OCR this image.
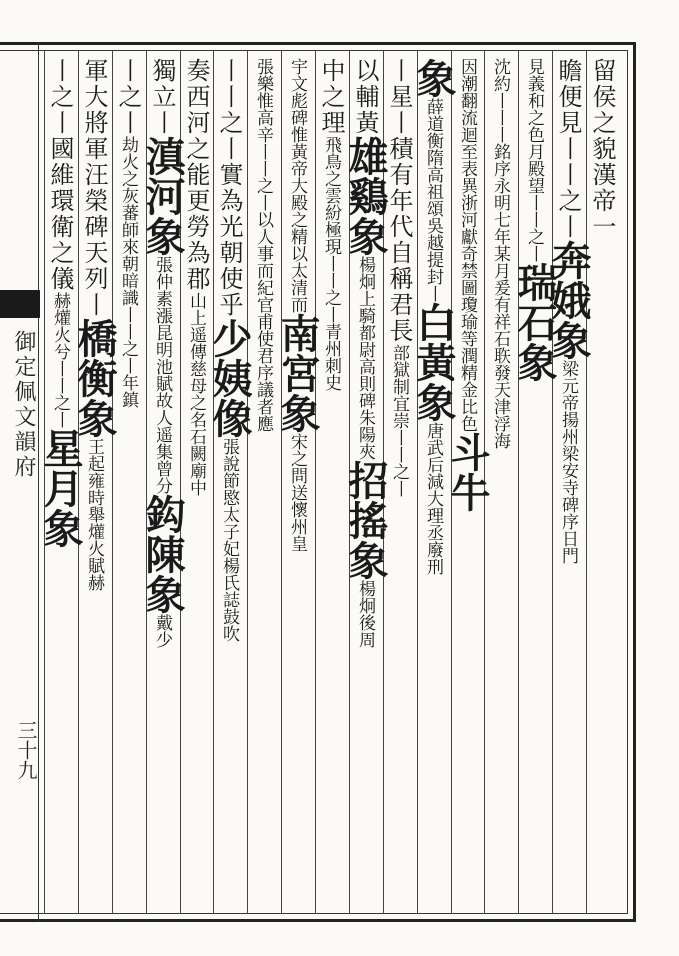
御定佩文韻府
三十九
留侯之貌漢帝一
瞻便見丨丨之丨奔娥象梁元帝揚州梁安寺碑序日門
見義和之色月殿望丨丨之丨瑞石象
沈約丨丨丨銘序永明七年某月爰有祥石聅發天津浮海
因潮翻流迴至表異浙河獻奇禁圖瓊瑜等潤精金比色斗牛
象薛道衡隋高祖頌吳越提封丨白黃象唐武后減大理丞廢刑
丨星丨積有年代自稱君長部獄制宜崇丨丨之丨
以輔黃雄鷄象楊炯上騎都尉高則碑朱陽夾招搖象楊炯後周
中之理飛鳥之雲紛極現丨丨之丨青州刺史
宇文彪碑惟黃帝大殿之精以太清而南宮象宋之問送懷州皇
張樂惟高辛丨丨之丨以人事而紀官甫使君序議者應
丨丨之丨實為光朝使乎少姨像張說節愍太子妃楊氏誌鼓吹
奏西河之能更勞為郡山上遥傳慈母之名石闕廟中
獨立丨滇河象張仲素漲昆明池賦故人遥集曾分鈎陳象戴少
丨之丨劫火之灰蕃師來朝暗識丨丨之丨年鎮
軍大將軍汪榮碑天列丨橋衡象王起雍時舉爟火賦赫
丨之丨國維環衛之儀赫爟火兮丨丨之丨星月象
